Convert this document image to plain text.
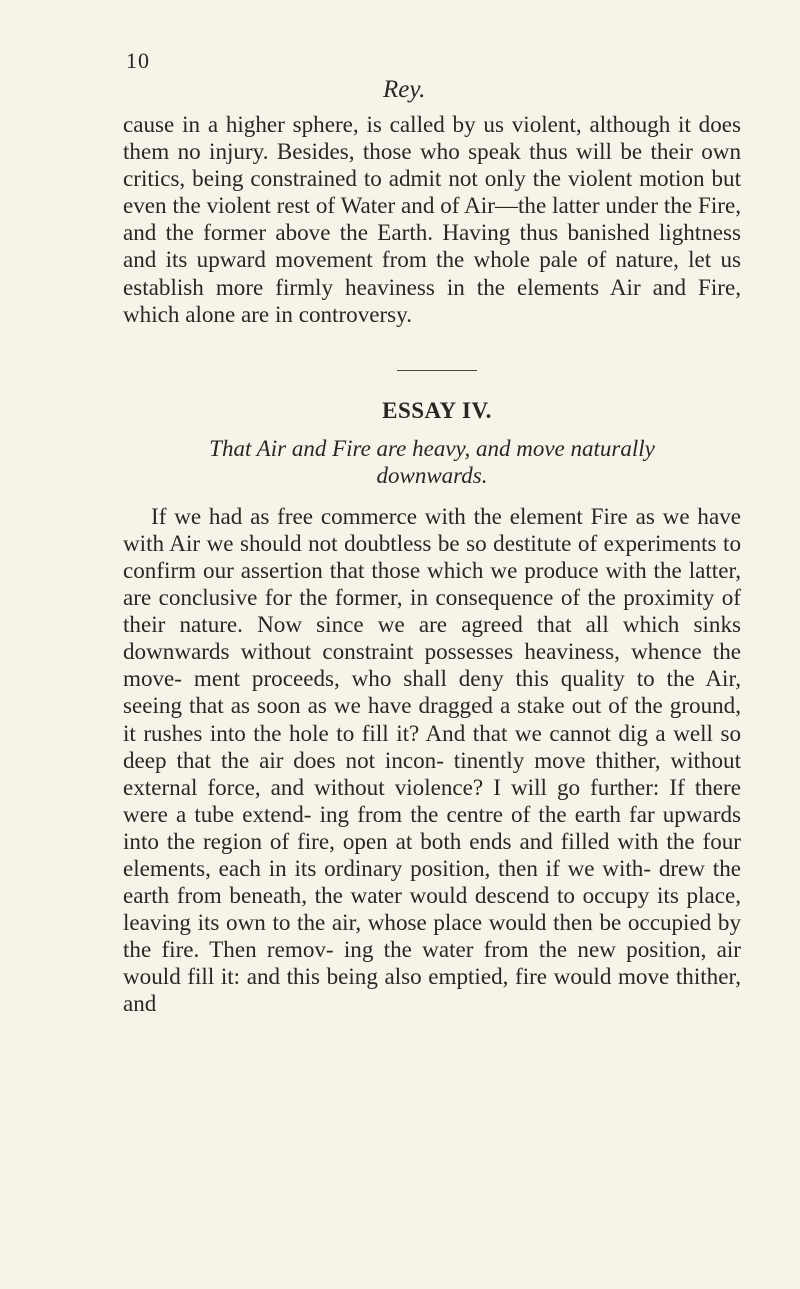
10
Rey.

cause in a higher sphere, is called by us violent, although it does them no injury. Besides, those who speak thus will be their own critics, being constrained to admit not only the violent motion but even the violent rest of Water and of Air—the latter under the Fire, and the former above the Earth. Having thus banished lightness and its upward movement from the whole pale of nature, let us establish more firmly heaviness in the elements Air and Fire, which alone are in controversy.

ESSAY IV.

That Air and Fire are heavy, and move naturally
downwards.

If we had as free commerce with the element Fire as we have with Air we should not doubtless be so destitute of experiments to confirm our assertion that those which we produce with the latter, are conclusive for the former, in consequence of the proximity of their nature. Now since we are agreed that all which sinks downwards without constraint possesses heaviness, whence the move- ment proceeds, who shall deny this quality to the Air, seeing that as soon as we have dragged a stake out of the ground, it rushes into the hole to fill it? And that we cannot dig a well so deep that the air does not incon- tinently move thither, without external force, and without violence? I will go further: If there were a tube extend- ing from the centre of the earth far upwards into the region of fire, open at both ends and filled with the four elements, each in its ordinary position, then if we with- drew the earth from beneath, the water would descend to occupy its place, leaving its own to the air, whose place would then be occupied by the fire. Then remov- ing the water from the new position, air would fill it: and this being also emptied, fire would move thither, and
